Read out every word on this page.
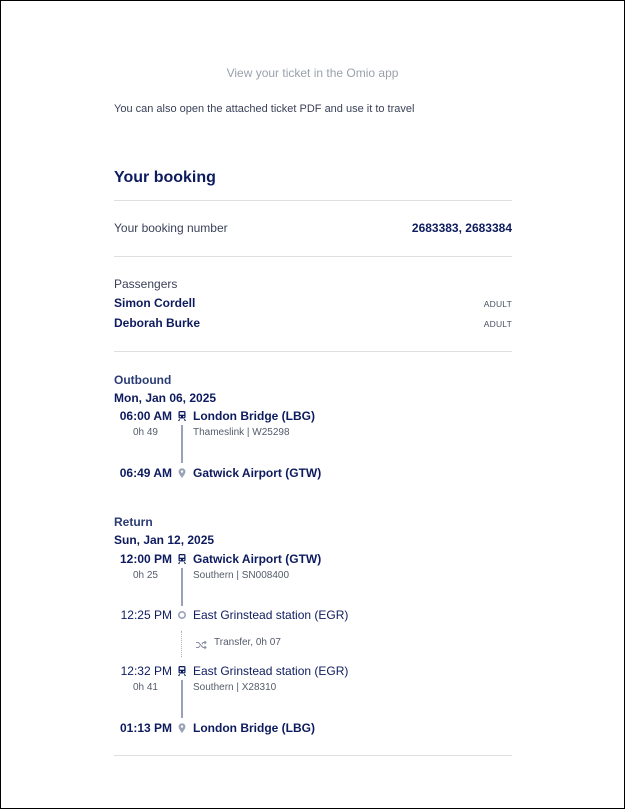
View your ticket in the Omio app
You can also open the attached ticket PDF and use it to travel
Your booking
Your booking number	2683383, 2683384
Passengers
Simon Cordell	ADULT
Deborah Burke	ADULT
Outbound
Mon, Jan 06, 2025
06:00 AM London Bridge (LBG)
0h 49	Thameslink | W25298
06:49 AM Gatwick Airport (GTW)
Return
Sun, Jan 12, 2025
12:00 PM Gatwick Airport (GTW)
0h 25	Southern | SN008400
12:25 PM East Grinstead station (EGR)
Transfer, 0h 07
12:32 PM East Grinstead station (EGR)
0h 41	Southern | X28310
01:13 PM London Bridge (LBG)
